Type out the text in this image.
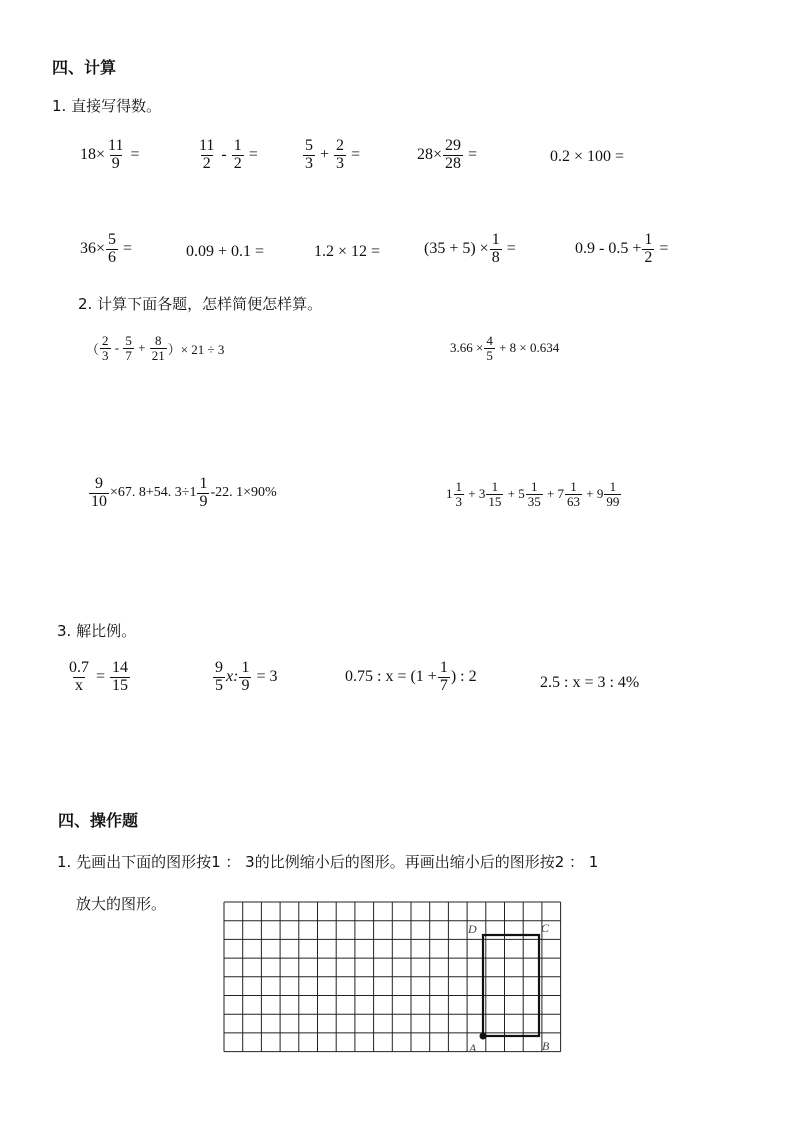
四、计算
1. 直接写得数。
$18\times \frac{11}{9}$ =	$\frac{11}{2} - \frac{1}{2}$ =	$\frac{5}{3} + \frac{2}{3}$ =	$28\times \frac{29}{28}$ =	0.2 × 100 =
$36\times \frac{5}{6}$ =	0.09 + 0.1 =	1.2 × 12 =	$(35 + 5) \times \frac{1}{8}$ =	$0.9 - 0.5 + \frac{1}{2}$ =
2. 计算下面各题，怎样简便怎样算。
（ $\frac{2}{3} - \frac{5}{7} + \frac{8}{21}$ ）× 21 ÷ 3	$3.66 \times \frac{4}{5} + 8 \times 0.634$
$\frac{9}{10} \times 67$. 8+54. $3\div 1 \frac{1}{9} -22$. 1×90%	$1 \frac{1}{3} + 3 \frac{1}{15} + 5 \frac{1}{35} + 7 \frac{1}{63} + 9 \frac{1}{99}$
3. 解比例。
$\frac{0.7}{x} = \frac{14}{15}$	$\frac{9}{5} x$: $\frac{1}{9} = 3$	0.75 : $x = (1 + \frac{1}{7}$ ) : 2	2.5 : x = 3 : 4%
四、操作题
1. 先画出下面的图形按1 ： 3的比例缩小后的图形。再画出缩小后的图形按2 ： 1
放大的图形。
D	C
A	B
